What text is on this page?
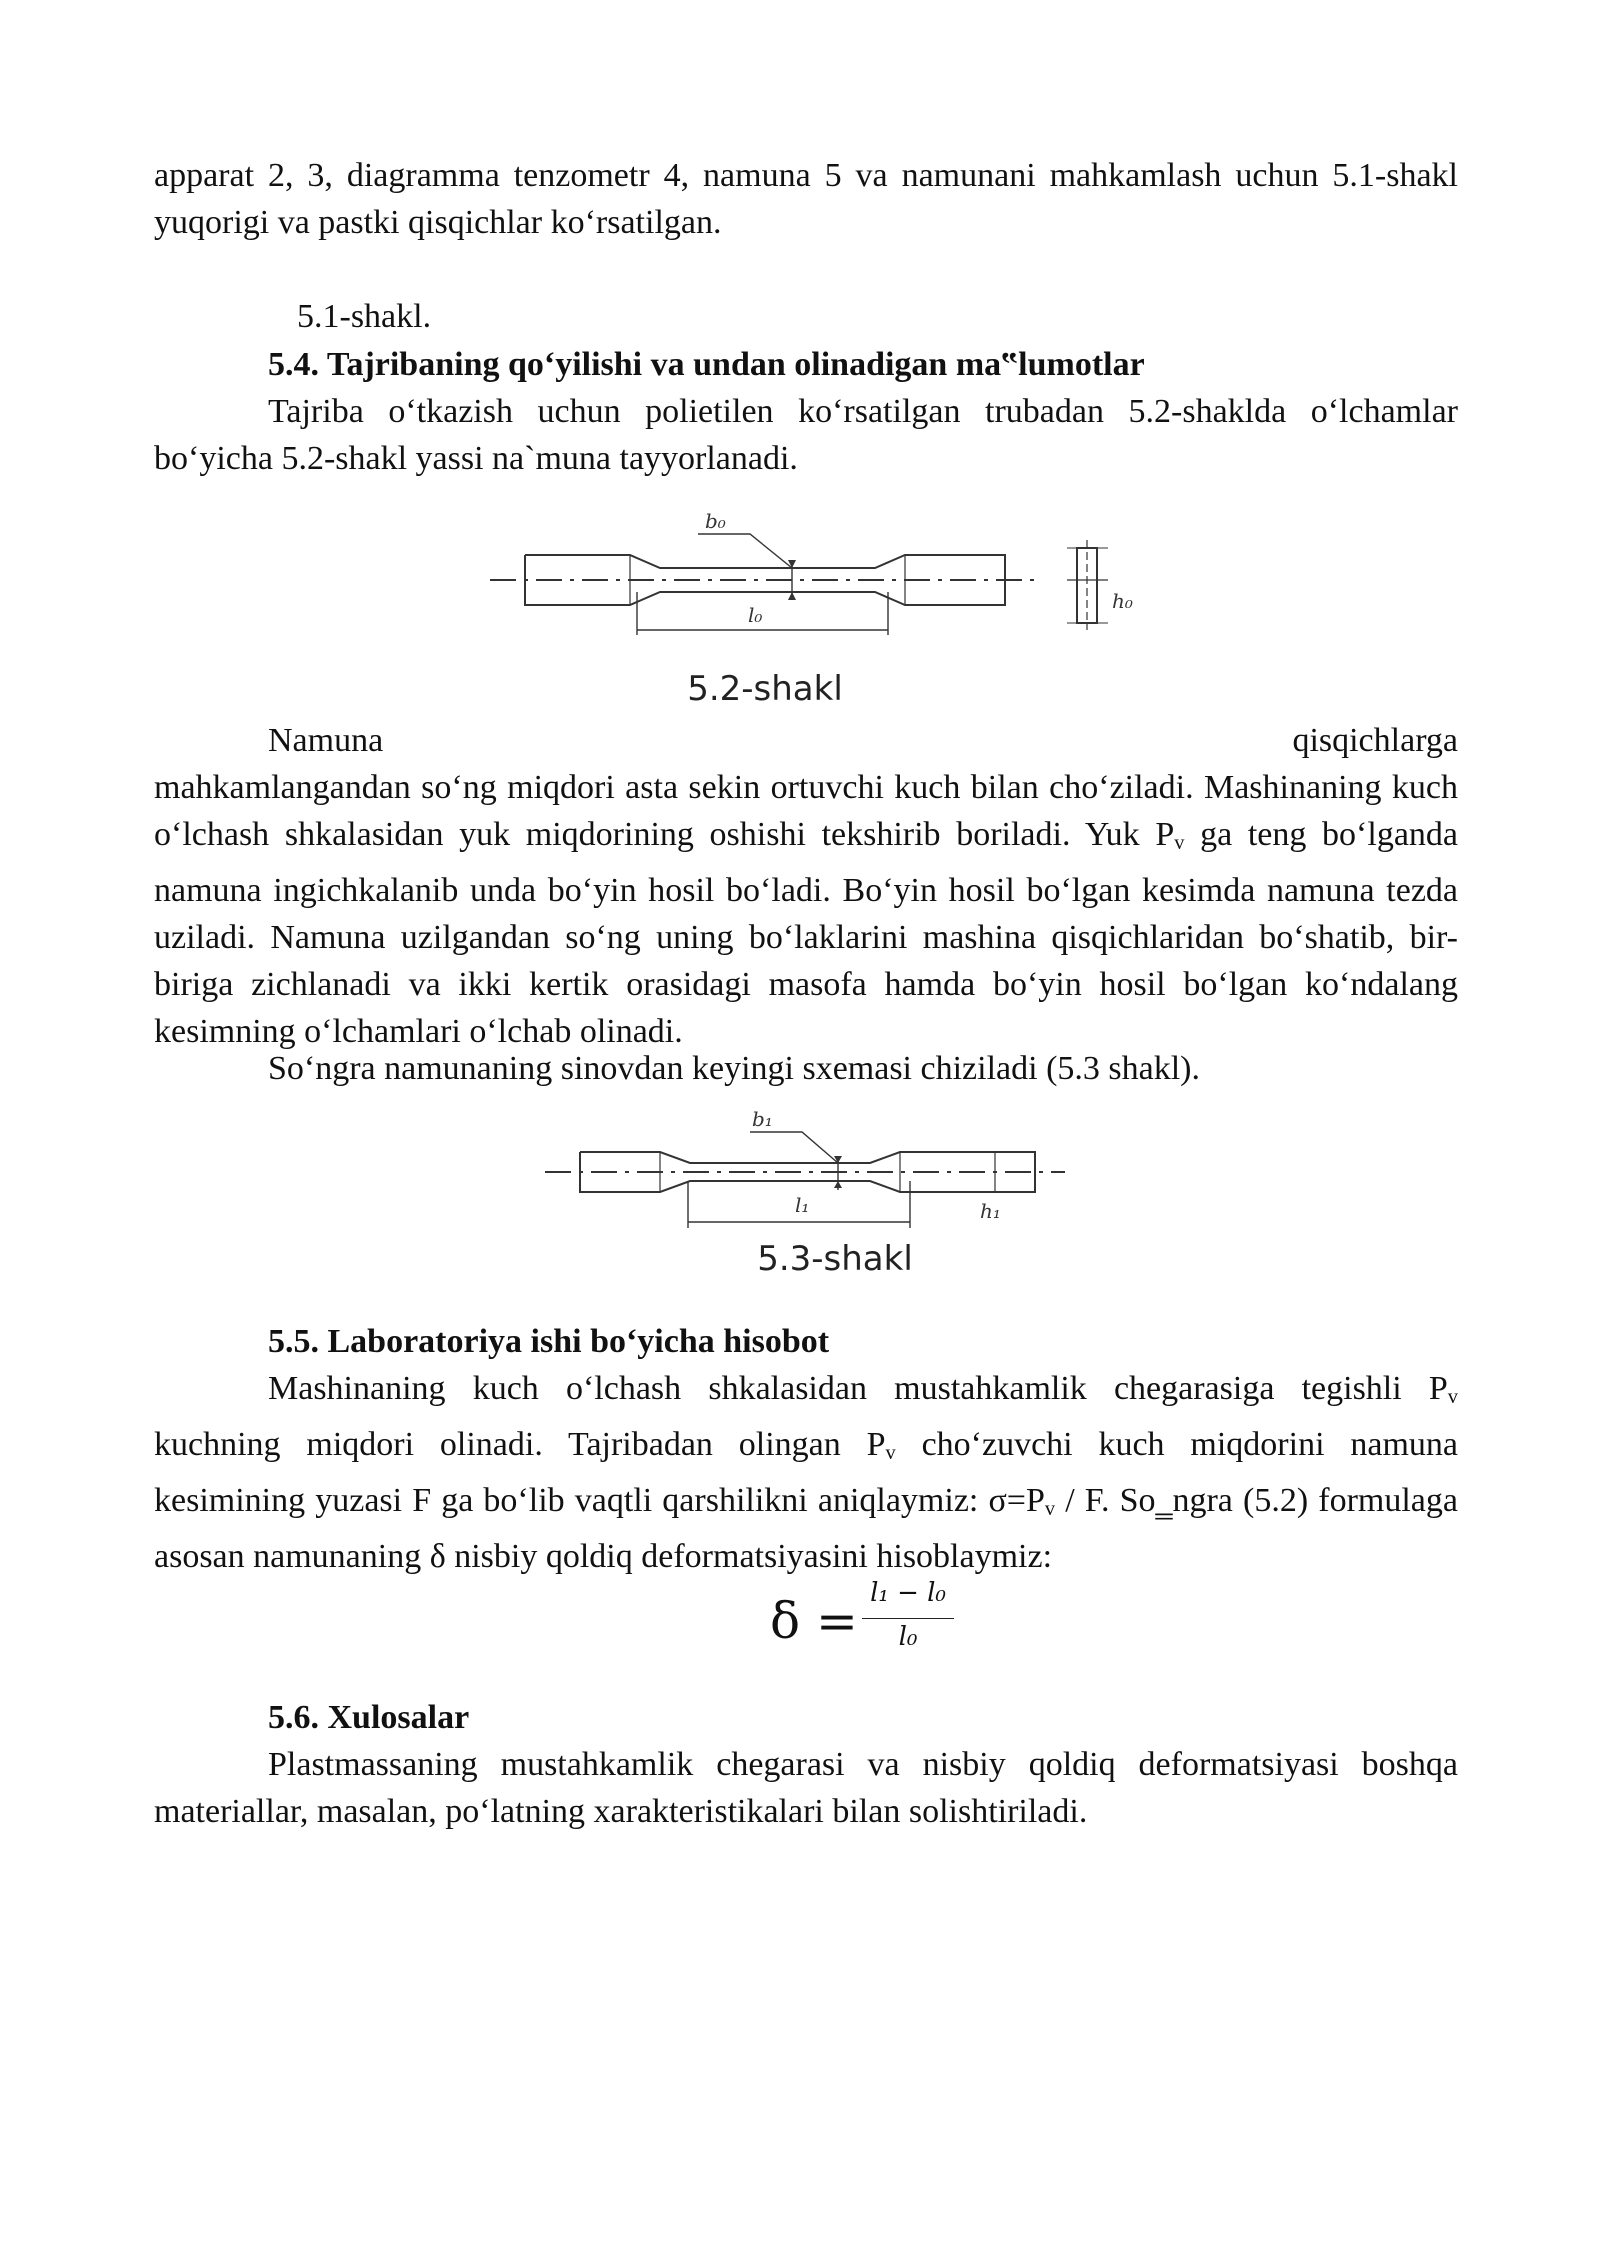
apparat 2, 3, diagramma tenzometr 4, namuna 5 va namunani mahkamlash uchun 5.1-shakl yuqorigi va pastki qisqichlar ko‘rsatilgan.
5.1-shakl.
5.4. Tajribaning qo‘yilishi va undan olinadigan ma‟lumotlar
Tajriba o‘tkazish uchun polietilen ko‘rsatilgan trubadan 5.2-shaklda o‘lchamlar bo‘yicha 5.2-shakl yassi na`muna tayyorlanadi.
b₀
l₀
h₀
5.2-shakl
Namuna	qisqichlarga
mahkamlangandan so‘ng miqdori asta sekin ortuvchi kuch bilan cho‘ziladi. Mashinaning kuch o‘lchash shkalasidan yuk miqdorining oshishi tekshirib boriladi. Yuk $P_v$ ga teng bo‘lganda namuna ingichkalanib unda bo‘yin hosil bo‘ladi. Bo‘yin hosil bo‘lgan kesimda namuna tezda uziladi. Namuna uzilgandan so‘ng uning bo‘laklarini mashina qisqichlaridan bo‘shatib, bir-biriga zichlanadi va ikki kertik orasidagi masofa hamda bo‘yin hosil bo‘lgan ko‘ndalang kesimning o‘lchamlari o‘lchab olinadi.
So‘ngra namunaning sinovdan keyingi sxemasi chiziladi (5.3 shakl).
b₁
l₁	h₁
5.3-shakl
5.5. Laboratoriya ishi bo‘yicha hisobot
Mashinaning kuch o‘lchash shkalasidan mustahkamlik chegarasiga tegishli $P_v$ kuchning miqdori olinadi. Tajribadan olingan $P_v$ cho‘zuvchi kuch miqdorini namuna kesimining yuzasi F ga bo‘lib vaqtli qarshilikni aniqlaymiz: $\sigma=P_v / F$. So‗ngra (5.2) formulaga asosan namunaning δ nisbiy qoldiq deformatsiyasini hisoblaymiz:
δ = l₁ − l₀
l₀
5.6. Xulosalar
Plastmassaning mustahkamlik chegarasi va nisbiy qoldiq deformatsiyasi boshqa materiallar, masalan, po‘latning xarakteristikalari bilan solishtiriladi.
